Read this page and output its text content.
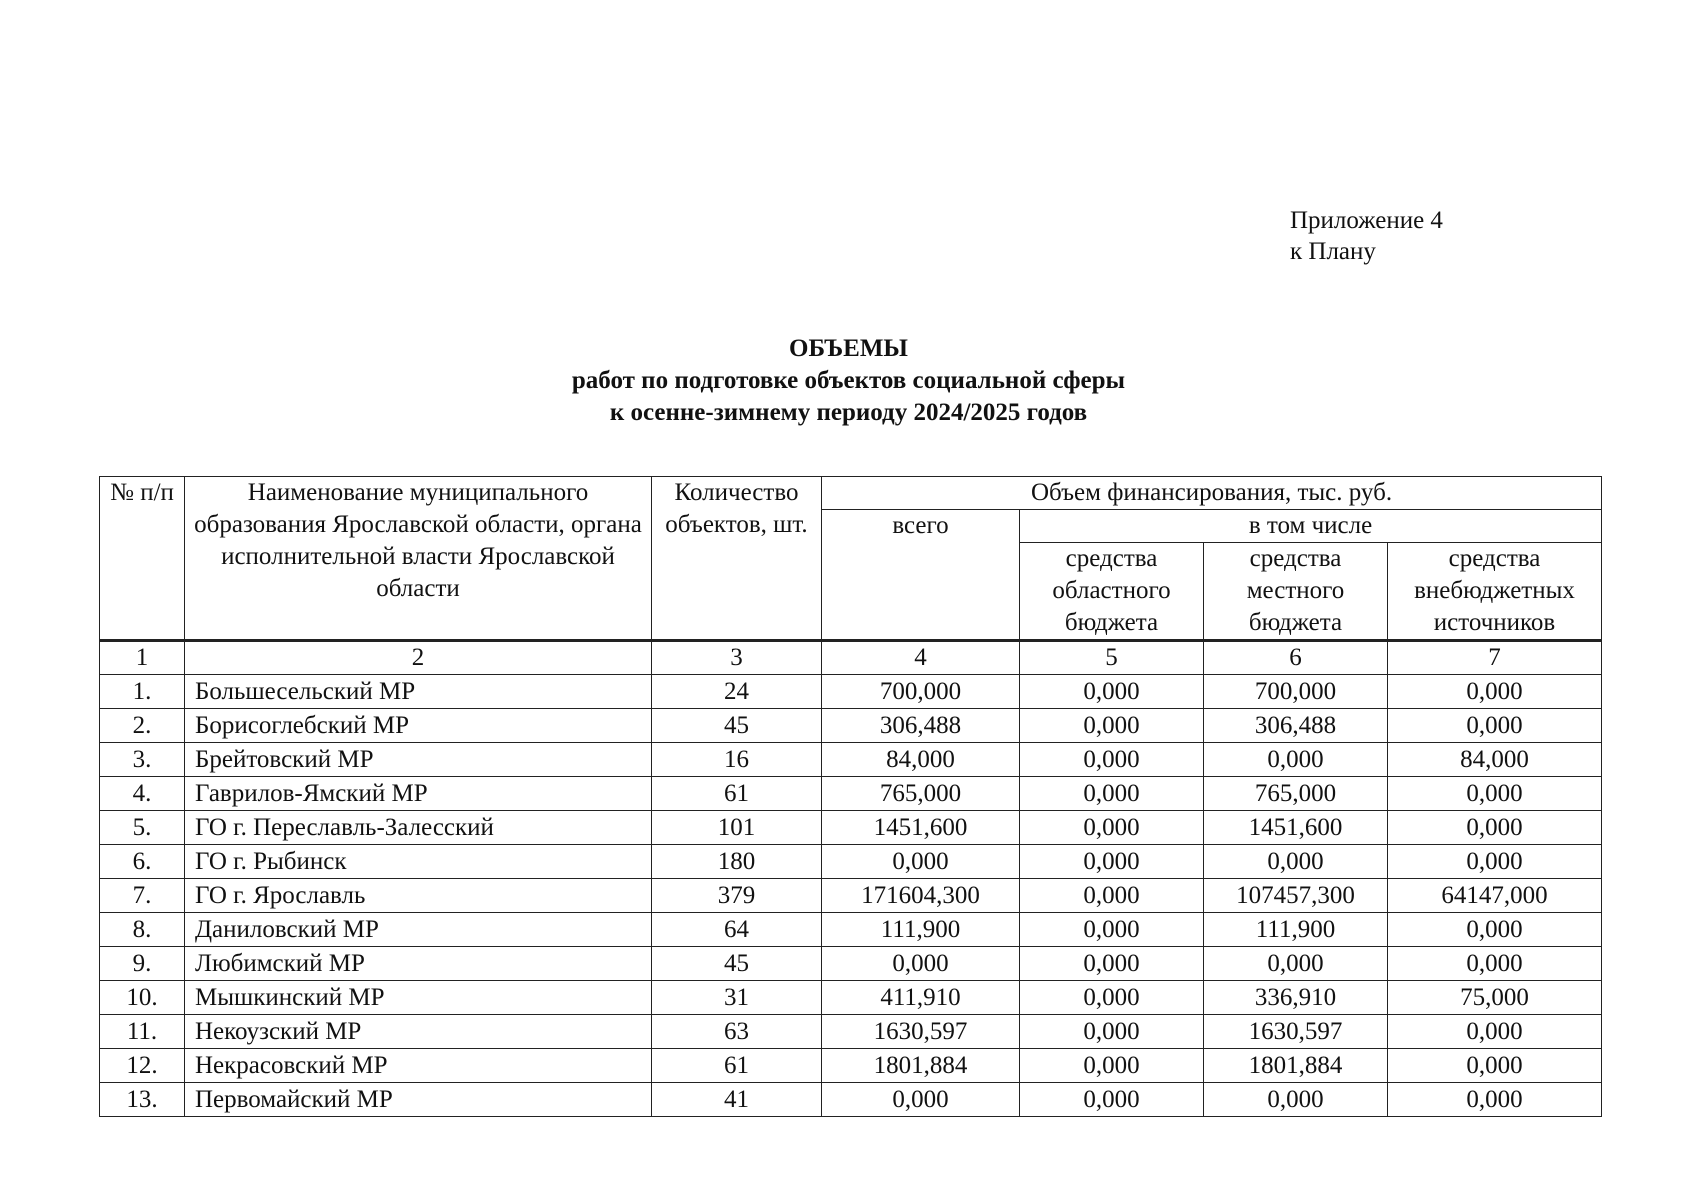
Приложение 4
к Плану
ОБЪЕМЫ
работ по подготовке объектов социальной сферы
к осенне-зимнему периоду 2024/2025 годов
№ п/п	Наименование муниципального образования Ярославской области, органа исполнительной власти Ярославской области	Количество объектов, шт.	Объем финансирования, тыс. руб.			
			всего	в том числе		
				средства областного бюджета	средства местного бюджета	средства внебюджетных источников
1	2	3	4	5	6	7
1.	Большесельский МР	24	700,000	0,000	700,000	0,000
2.	Борисоглебский МР	45	306,488	0,000	306,488	0,000
3.	Брейтовский МР	16	84,000	0,000	0,000	84,000
4.	Гаврилов-Ямский МР	61	765,000	0,000	765,000	0,000
5.	ГО г. Переславль-Залесский	101	1451,600	0,000	1451,600	0,000
6.	ГО г. Рыбинск	180	0,000	0,000	0,000	0,000
7.	ГО г. Ярославль	379	171604,300	0,000	107457,300	64147,000
8.	Даниловский МР	64	111,900	0,000	111,900	0,000
9.	Любимский МР	45	0,000	0,000	0,000	0,000
10.	Мышкинский МР	31	411,910	0,000	336,910	75,000
11.	Некоузский МР	63	1630,597	0,000	1630,597	0,000
12.	Некрасовский МР	61	1801,884	0,000	1801,884	0,000
13.	Первомайский МР	41	0,000	0,000	0,000	0,000
